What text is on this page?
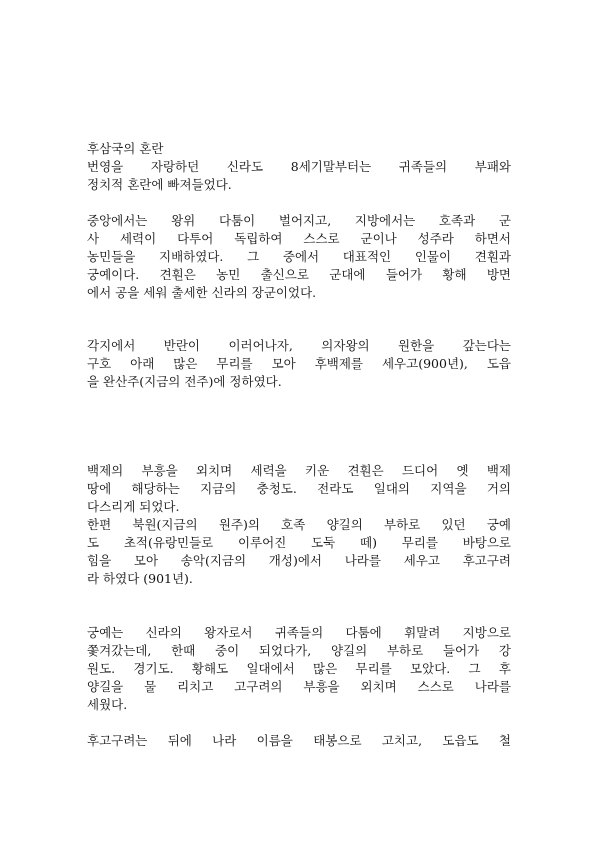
후삼국의 혼란

번영을 자랑하던 신라도 8세기말부터는 귀족들의 부패와

정치적 혼란에 빠져들었다.

중앙에서는 왕위 다툼이 벌어지고, 지방에서는 호족과 군

사 세력이 다투어 독립하여 스스로 군이나 성주라 하면서

농민들을 지배하였다. 그 중에서 대표적인 인물이 견훤과

궁예이다. 견훤은 농민 출신으로 군대에 들어가 황해 방면

에서 공을 세워 출세한 신라의 장군이었다.

각지에서 반란이 이러어나자, 의자왕의 원한을 갚는다는

구호 아래 많은 무리를 모아 후백제를 세우고(900년), 도읍

을 완산주(지금의 전주)에 정하였다.

백제의 부흥을 외치며 세력을 키운 견훤은 드디어 옛 백제

땅에 해당하는 지금의 충청도. 전라도 일대의 지역을 거의

다스리게 되었다.

한편 북원(지금의 원주)의 호족 양길의 부하로 있던 궁예

도 초적(유랑민들로 이루어진 도둑 떼) 무리를 바탕으로

힘을 모아 송악(지금의 개성)에서 나라를 세우고 후고구려

라 하였다 (901년).

궁예는 신라의 왕자로서 귀족들의 다툼에 휘말려 지방으로

쫓겨갔는데, 한때 중이 되었다가, 양길의 부하로 들어가 강

원도. 경기도. 황해도 일대에서 많은 무리를 모았다. 그 후

양길을 물 리치고 고구려의 부흥을 외치며 스스로 나라를

세웠다.

후고구려는 뒤에 나라 이름을 태봉으로 고치고, 도읍도 철
